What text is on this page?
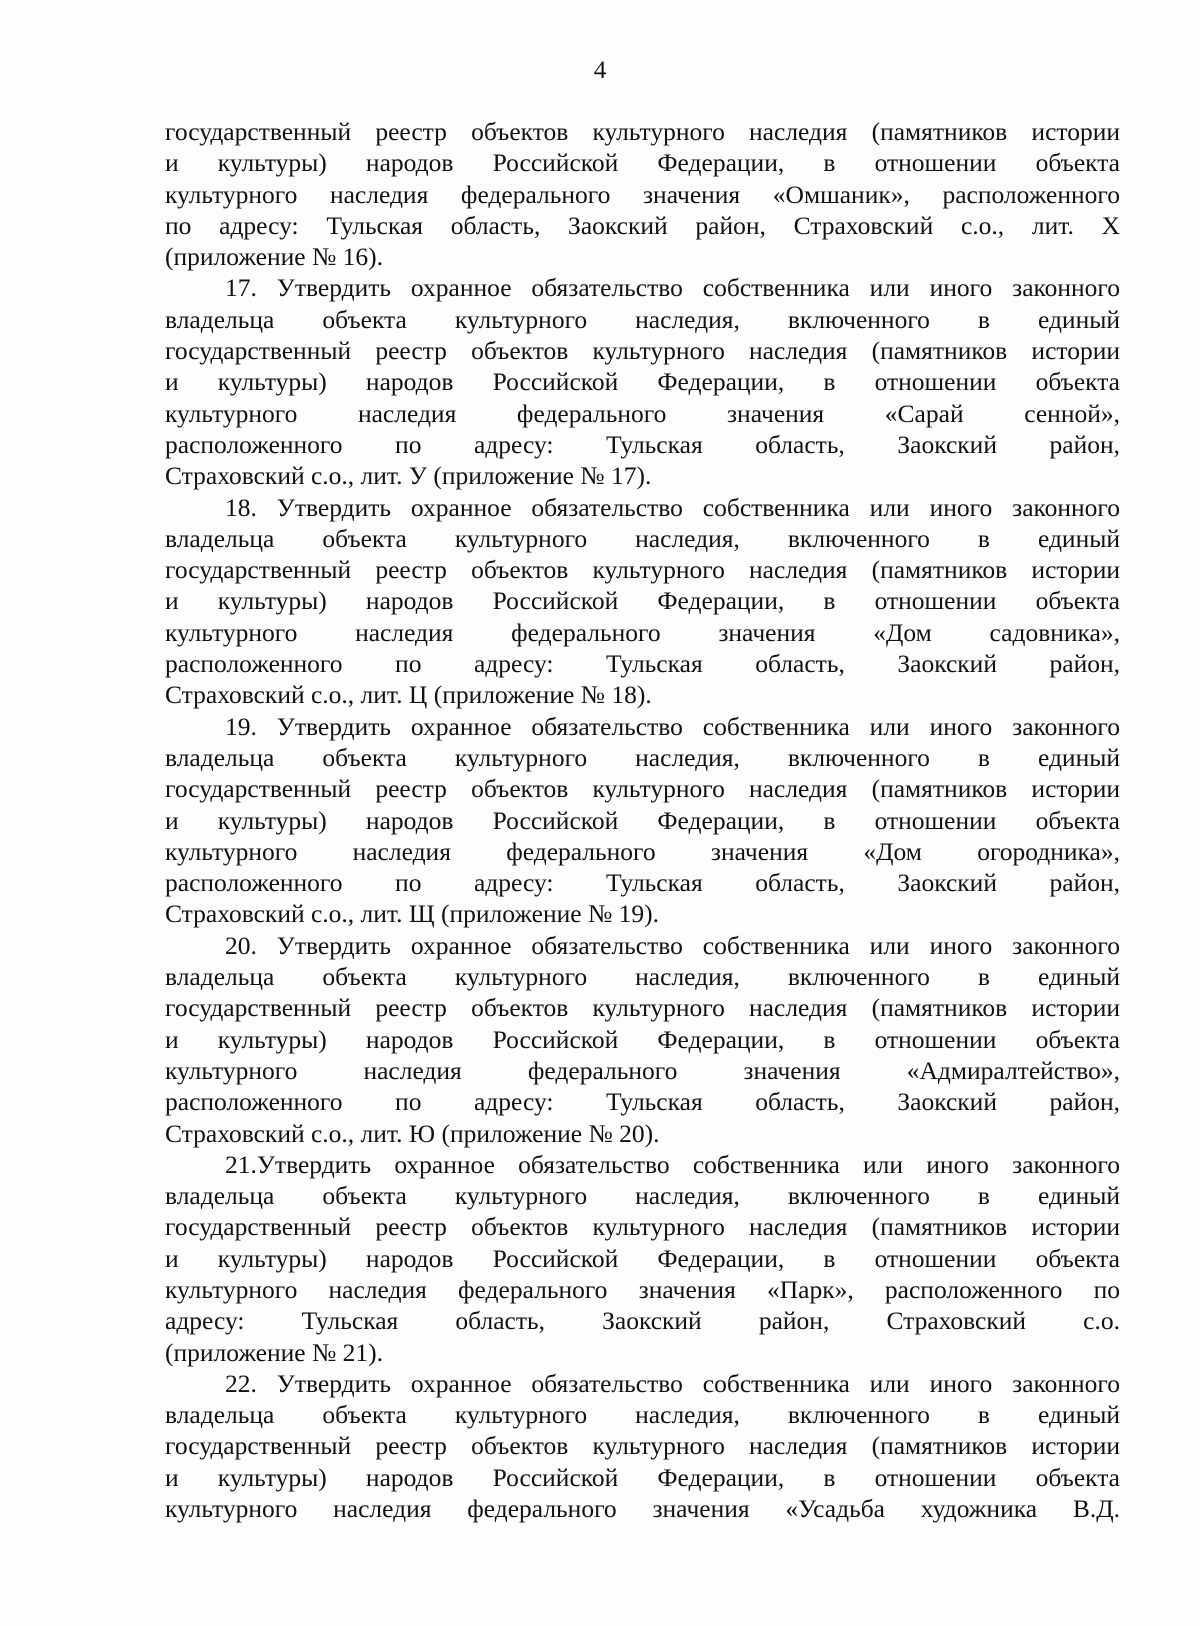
4
государственный реестр объектов культурного наследия (памятников истории
и культуры) народов Российской Федерации, в отношении объекта
культурного наследия федерального значения «Омшаник», расположенного
по адресу: Тульская область, Заокский район, Страховский с.о., лит. Х
(приложение № 16).
17. Утвердить охранное обязательство собственника или иного законного
владельца объекта культурного наследия, включенного в единый
государственный реестр объектов культурного наследия (памятников истории
и культуры) народов Российской Федерации, в отношении объекта
культурного наследия федерального значения «Сарай сенной»,
расположенного по адресу: Тульская область, Заокский район,
Страховский с.о., лит. У (приложение № 17).
18. Утвердить охранное обязательство собственника или иного законного
владельца объекта культурного наследия, включенного в единый
государственный реестр объектов культурного наследия (памятников истории
и культуры) народов Российской Федерации, в отношении объекта
культурного наследия федерального значения «Дом садовника»,
расположенного по адресу: Тульская область, Заокский район,
Страховский с.о., лит. Ц (приложение № 18).
19. Утвердить охранное обязательство собственника или иного законного
владельца объекта культурного наследия, включенного в единый
государственный реестр объектов культурного наследия (памятников истории
и культуры) народов Российской Федерации, в отношении объекта
культурного наследия федерального значения «Дом огородника»,
расположенного по адресу: Тульская область, Заокский район,
Страховский с.о., лит. Щ (приложение № 19).
20. Утвердить охранное обязательство собственника или иного законного
владельца объекта культурного наследия, включенного в единый
государственный реестр объектов культурного наследия (памятников истории
и культуры) народов Российской Федерации, в отношении объекта
культурного наследия федерального значения «Адмиралтейство»,
расположенного по адресу: Тульская область, Заокский район,
Страховский с.о., лит. Ю (приложение № 20).
21.Утвердить охранное обязательство собственника или иного законного
владельца объекта культурного наследия, включенного в единый
государственный реестр объектов культурного наследия (памятников истории
и культуры) народов Российской Федерации, в отношении объекта
культурного наследия федерального значения «Парк», расположенного по
адресу: Тульская область, Заокский район, Страховский с.о.
(приложение № 21).
22. Утвердить охранное обязательство собственника или иного законного
владельца объекта культурного наследия, включенного в единый
государственный реестр объектов культурного наследия (памятников истории
и культуры) народов Российской Федерации, в отношении объекта
культурного наследия федерального значения «Усадьба художника В.Д.
